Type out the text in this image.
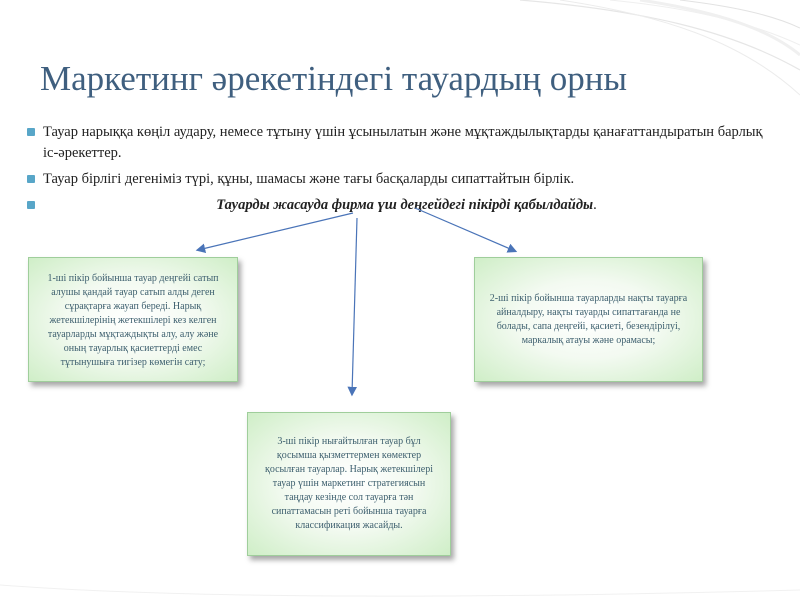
Маркетинг әрекетіндегі тауардың орны
Тауар нарыққа көңіл аудару, немесе тұтыну үшін ұсынылатын және мұқтаждылықтарды қанағаттандыратын барлық іс-әрекеттер.
Тауар бірлігі дегеніміз түрі, құны, шамасы және тағы басқаларды сипаттайтын бірлік.
Тауарды жасауда фирма үш деңгейдегі пікірді қабылдайды.
1-ші пікір бойынша тауар деңгейі сатып алушы қандай тауар сатып алды деген сұрақтарға жауап береді. Нарық жетекшілерінің жетекшілері кез келген тауарларды мұқтаждықты алу, алу және оның тауарлық қасиеттерді емес тұтынушыға тигізер көмегін сату;
2-ші пікір бойынша тауарларды нақты тауарға айналдыру, нақты тауарды сипаттағанда не болады, сапа деңгейі, қасиеті, безендірілуі, маркалық атауы және орамасы;
3-ші пікір нығайтылған тауар бұл қосымша қызметтермен көмектер қосылған тауарлар. Нарық жетекшілері тауар үшін маркетинг стратегиясын таңдау кезінде сол тауарға тән сипаттамасын реті бойынша тауарға классификация жасайды.
